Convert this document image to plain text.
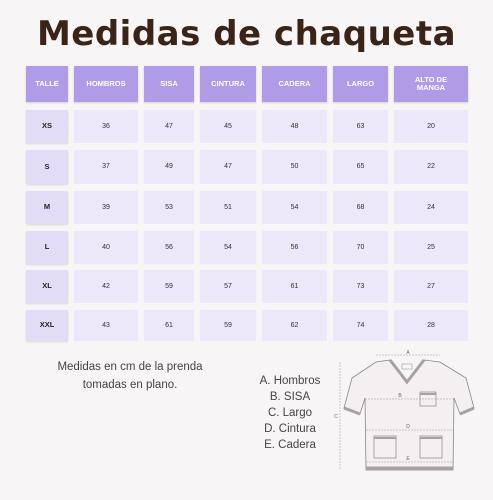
Medidas de chaqueta
TALLE	HOMBROS	SISA	CINTURA	CADERA	LARGO	ALTO DE MANGA
XS	36	47	45	48	63	20
S	37	49	47	50	65	22
M	39	53	51	54	68	24
L	40	56	54	56	70	25
XL	42	59	57	61	73	27
XXL	43	61	59	62	74	28
Medidas en cm de la prenda
tomadas en plano.	A. Hombros
B. SISA
C. Largo
D. Cintura
E. Cadera
A
B
C
D
E
